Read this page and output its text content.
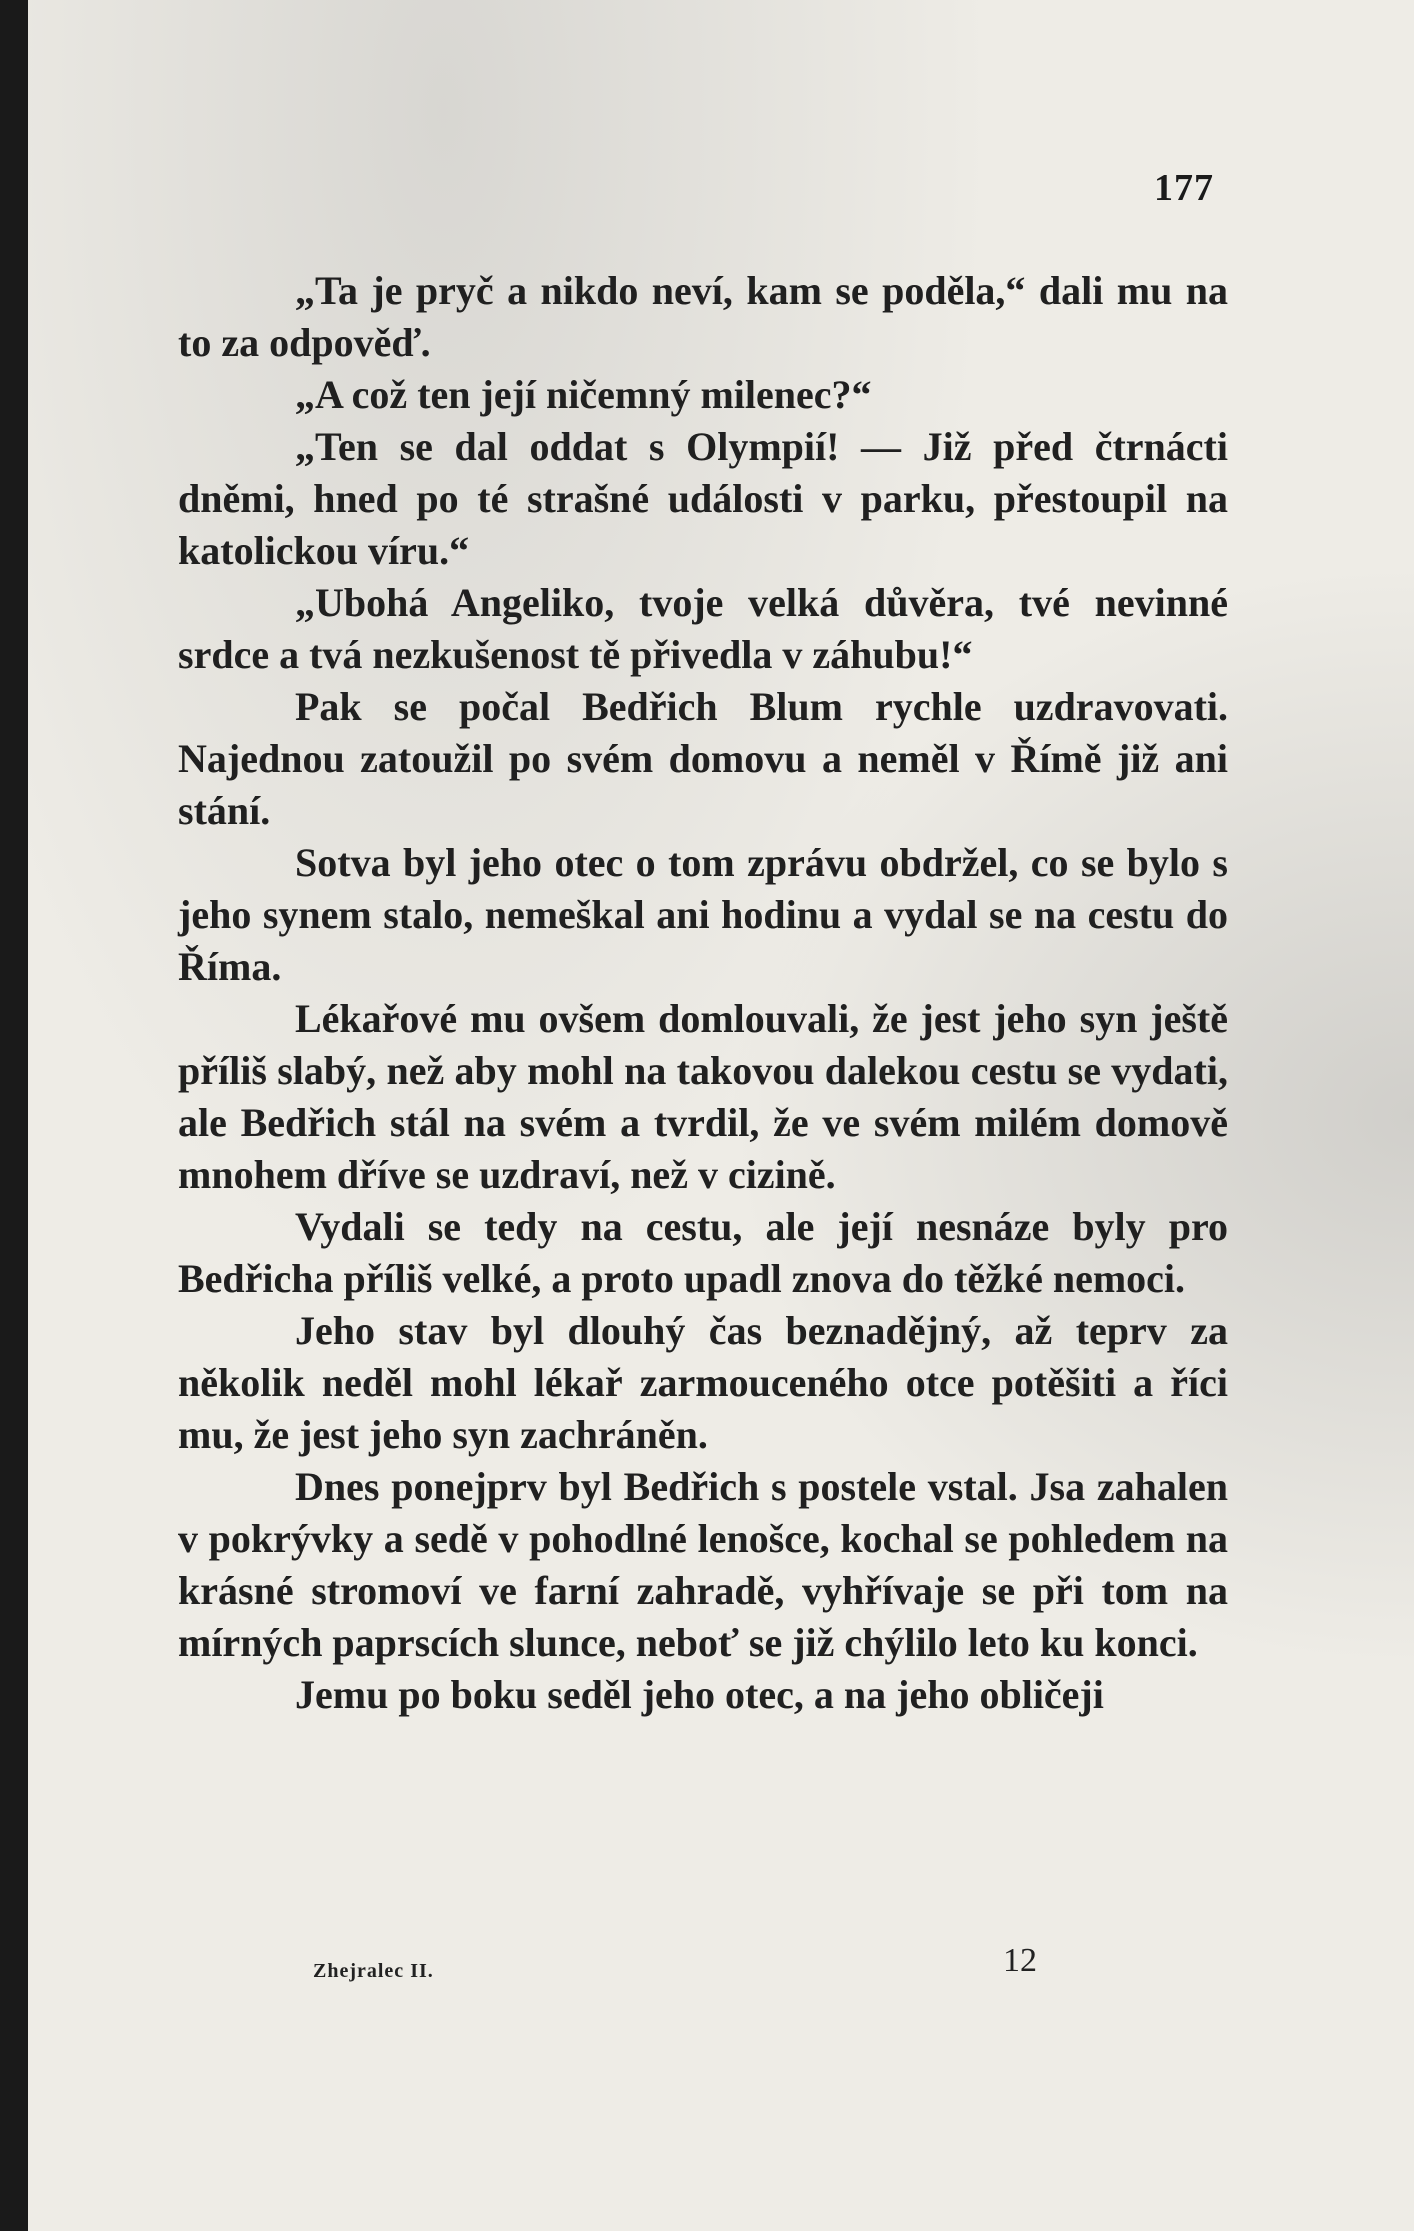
177

„Ta je pryč a nikdo neví, kam se poděla,“ dali mu na to za odpověď.

„A což ten její ničemný milenec?“

„Ten se dal oddat s Olympií! — Již před čtrnácti dněmi, hned po té strašné události v parku, přestoupil na katolickou víru.“

„Ubohá Angeliko, tvoje velká důvěra, tvé nevinné srdce a tvá nezkušenost tě přivedla v záhubu!“

Pak se počal Bedřich Blum rychle uzdravovati. Najednou zatoužil po svém domovu a neměl v Římě již ani stání.

Sotva byl jeho otec o tom zprávu obdržel, co se bylo s jeho synem stalo, nemeškal ani hodinu a vydal se na cestu do Říma.

Lékařové mu ovšem domlouvali, že jest jeho syn ještě příliš slabý, než aby mohl na takovou dalekou cestu se vydati, ale Bedřich stál na svém a tvrdil, že ve svém milém domově mnohem dříve se uzdraví, než v cizině.

Vydali se tedy na cestu, ale její nesnáze byly pro Bedřicha příliš velké, a proto upadl znova do těžké nemoci.

Jeho stav byl dlouhý čas beznadějný, až teprv za několik neděl mohl lékař zarmouceného otce potěšiti a říci mu, že jest jeho syn zachráněn.

Dnes ponejprv byl Bedřich s postele vstal. Jsa zahalen v pokrývky a sedě v pohodlné lenošce, kochal se pohledem na krásné stromoví ve farní zahradě, vyhřívaje se při tom na mírných paprscích slunce, neboť se již chýlilo leto ku konci.

Jemu po boku seděl jeho otec, a na jeho obličeji

Zhejralec II.	12
